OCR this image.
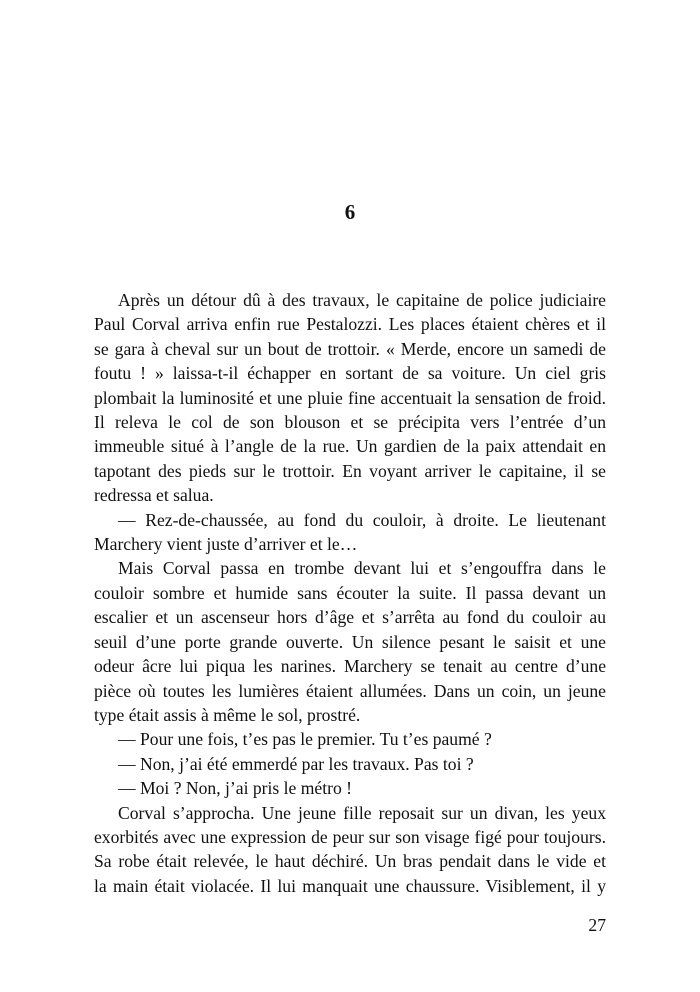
6

Après un détour dû à des travaux, le capitaine de police judiciaire

Paul Corval arriva enfin rue Pestalozzi. Les places étaient chères et il

se gara à cheval sur un bout de trottoir. « Merde, encore un samedi de

foutu ! » laissa-t-il échapper en sortant de sa voiture. Un ciel gris

plombait la luminosité et une pluie fine accentuait la sensation de froid.

Il releva le col de son blouson et se précipita vers l’entrée d’un

immeuble situé à l’angle de la rue. Un gardien de la paix attendait en

tapotant des pieds sur le trottoir. En voyant arriver le capitaine, il se

redressa et salua.

— Rez-de-chaussée, au fond du couloir, à droite. Le lieutenant

Marchery vient juste d’arriver et le…

Mais Corval passa en trombe devant lui et s’engouffra dans le

couloir sombre et humide sans écouter la suite. Il passa devant un

escalier et un ascenseur hors d’âge et s’arrêta au fond du couloir au

seuil d’une porte grande ouverte. Un silence pesant le saisit et une

odeur âcre lui piqua les narines. Marchery se tenait au centre d’une

pièce où toutes les lumières étaient allumées. Dans un coin, un jeune

type était assis à même le sol, prostré.

— Pour une fois, t’es pas le premier. Tu t’es paumé ?

— Non, j’ai été emmerdé par les travaux. Pas toi ?

— Moi ? Non, j’ai pris le métro !

Corval s’approcha. Une jeune fille reposait sur un divan, les yeux

exorbités avec une expression de peur sur son visage figé pour toujours.

Sa robe était relevée, le haut déchiré. Un bras pendait dans le vide et

la main était violacée. Il lui manquait une chaussure. Visiblement, il y

27
